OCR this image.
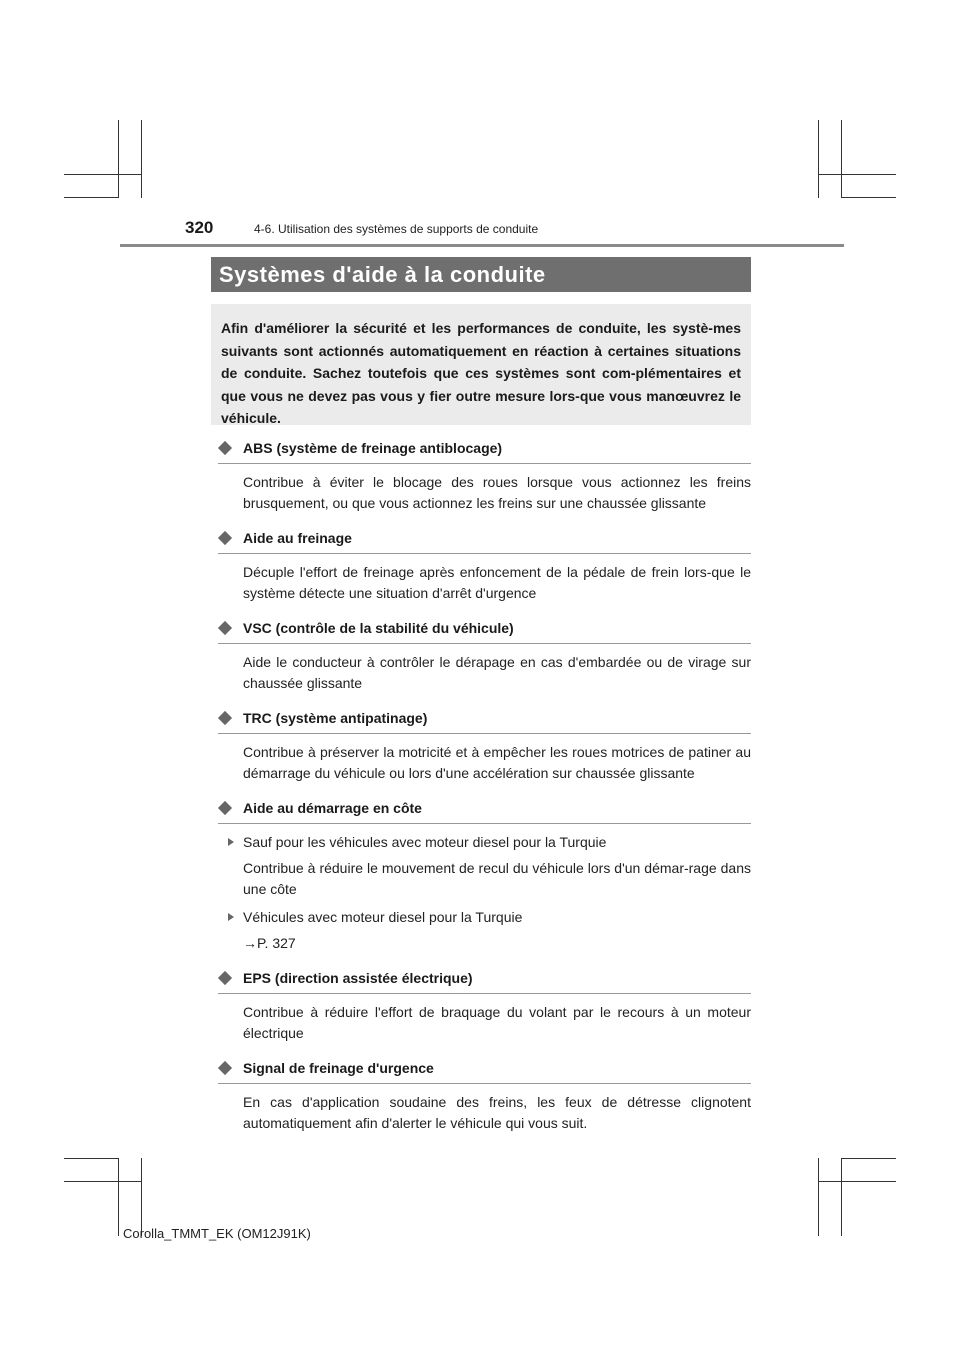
320	4-6. Utilisation des systèmes de supports de conduite
Systèmes d'aide à la conduite
Afin d'améliorer la sécurité et les performances de conduite, les systè-mes suivants sont actionnés automatiquement en réaction à certaines situations de conduite. Sachez toutefois que ces systèmes sont com-plémentaires et que vous ne devez pas vous y fier outre mesure lors-que vous manœuvrez le véhicule.
ABS (système de freinage antiblocage)
Contribue à éviter le blocage des roues lorsque vous actionnez les freins brusquement, ou que vous actionnez les freins sur une chaussée glissante
Aide au freinage
Décuple l'effort de freinage après enfoncement de la pédale de frein lors-que le système détecte une situation d'arrêt d'urgence
VSC (contrôle de la stabilité du véhicule)
Aide le conducteur à contrôler le dérapage en cas d'embardée ou de virage sur chaussée glissante
TRC (système antipatinage)
Contribue à préserver la motricité et à empêcher les roues motrices de patiner au démarrage du véhicule ou lors d'une accélération sur chaussée glissante
Aide au démarrage en côte
Sauf pour les véhicules avec moteur diesel pour la Turquie
Contribue à réduire le mouvement de recul du véhicule lors d'un démar-rage dans une côte
Véhicules avec moteur diesel pour la Turquie
→P. 327
EPS (direction assistée électrique)
Contribue à réduire l'effort de braquage du volant par le recours à un moteur électrique
Signal de freinage d'urgence
En cas d'application soudaine des freins, les feux de détresse clignotent automatiquement afin d'alerter le véhicule qui vous suit.
Corolla_TMMT_EK (OM12J91K)
